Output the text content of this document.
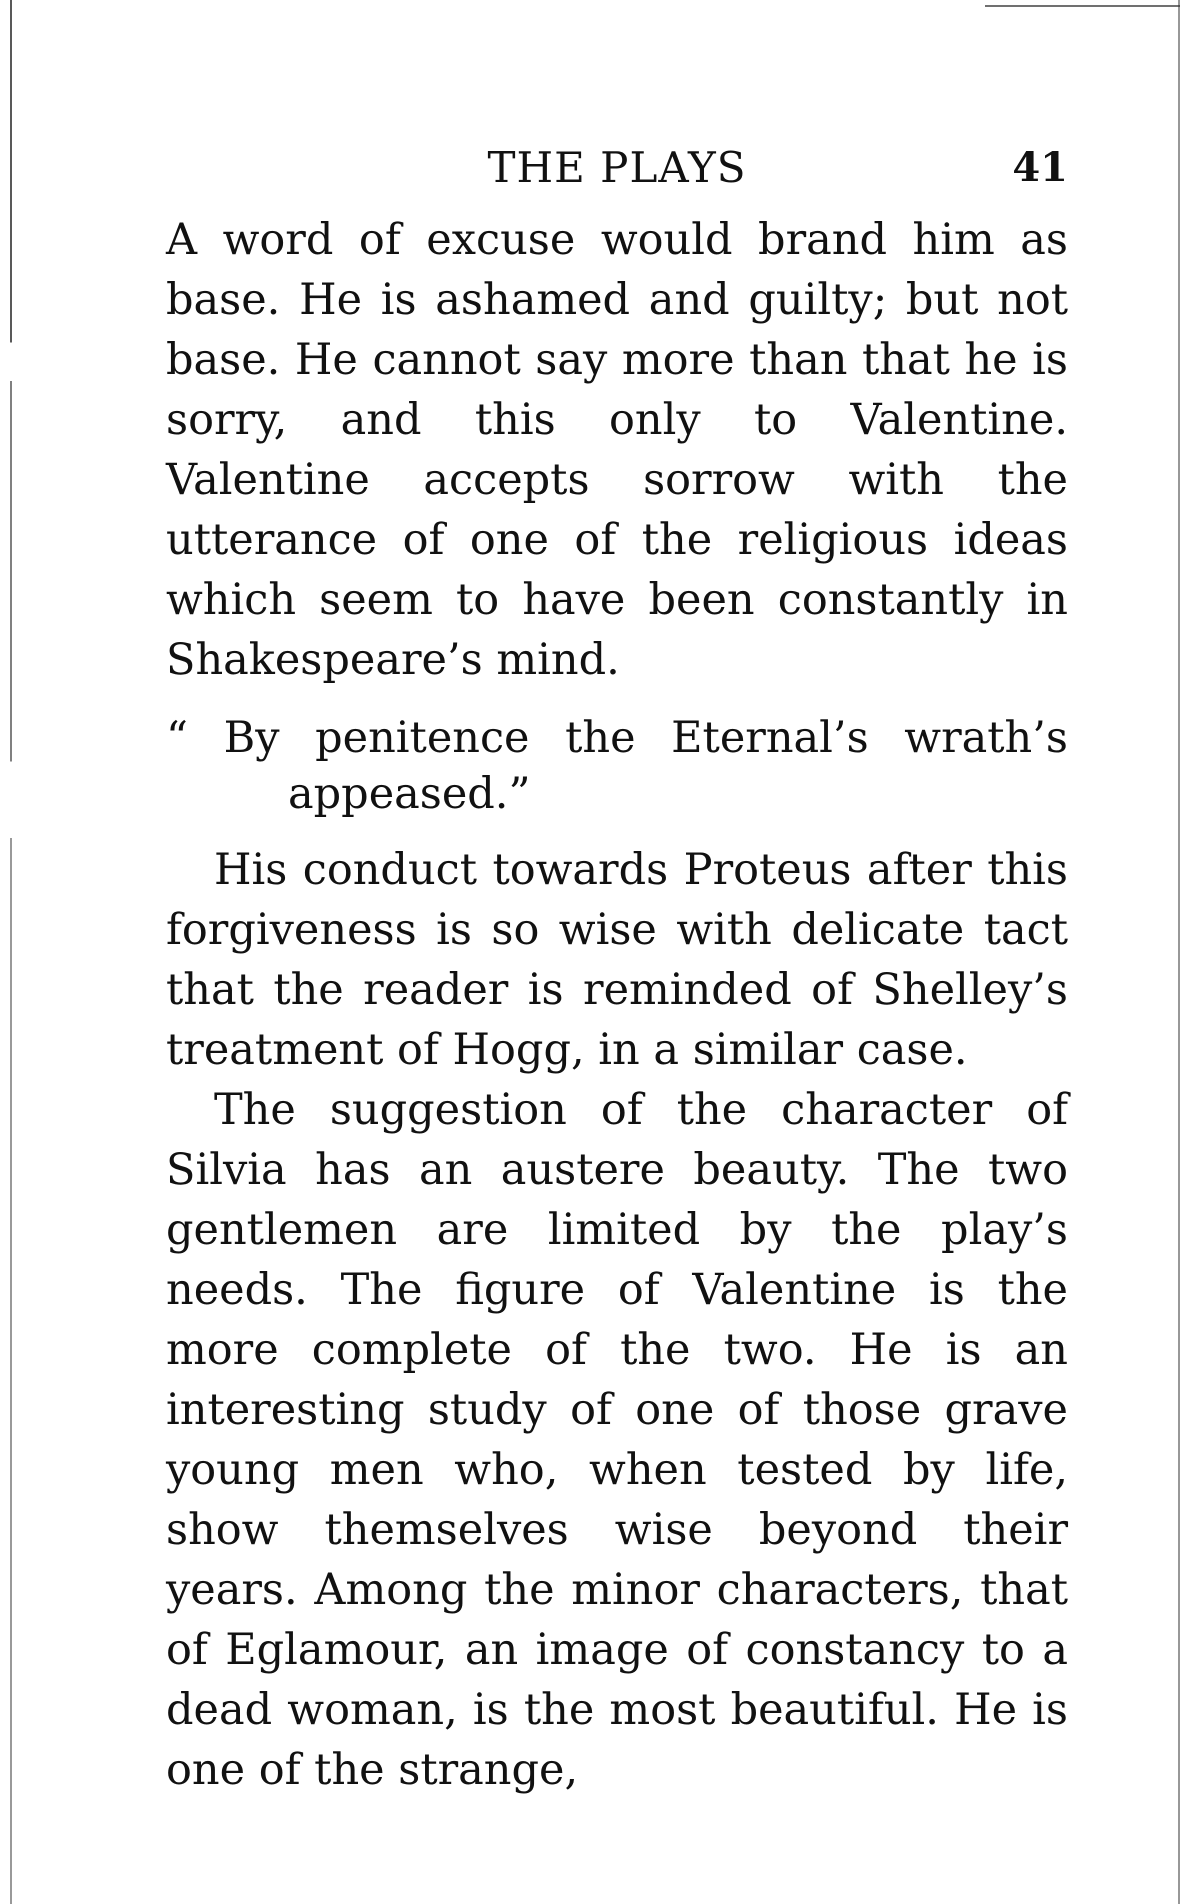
THE PLAYS	41

A word of excuse would brand him as base. He is ashamed and guilty; but not base. He cannot say more than that he is sorry, and this only to Valentine. Valentine accepts sorrow with the utterance of one of the religious ideas which seem to have been constantly in Shakespeare’s mind.

“ By penitence the Eternal’s wrath’s appeased.”

His conduct towards Proteus after this forgiveness is so wise with delicate tact that the reader is reminded of Shelley’s treatment of Hogg, in a similar case.

The suggestion of the character of Silvia has an austere beauty. The two gentlemen are limited by the play’s needs. The figure of Valentine is the more complete of the two. He is an interesting study of one of those grave young men who, when tested by life, show themselves wise beyond their years. Among the minor characters, that of Eglamour, an image of constancy to a dead woman, is the most beautiful. He is one of the strange,
